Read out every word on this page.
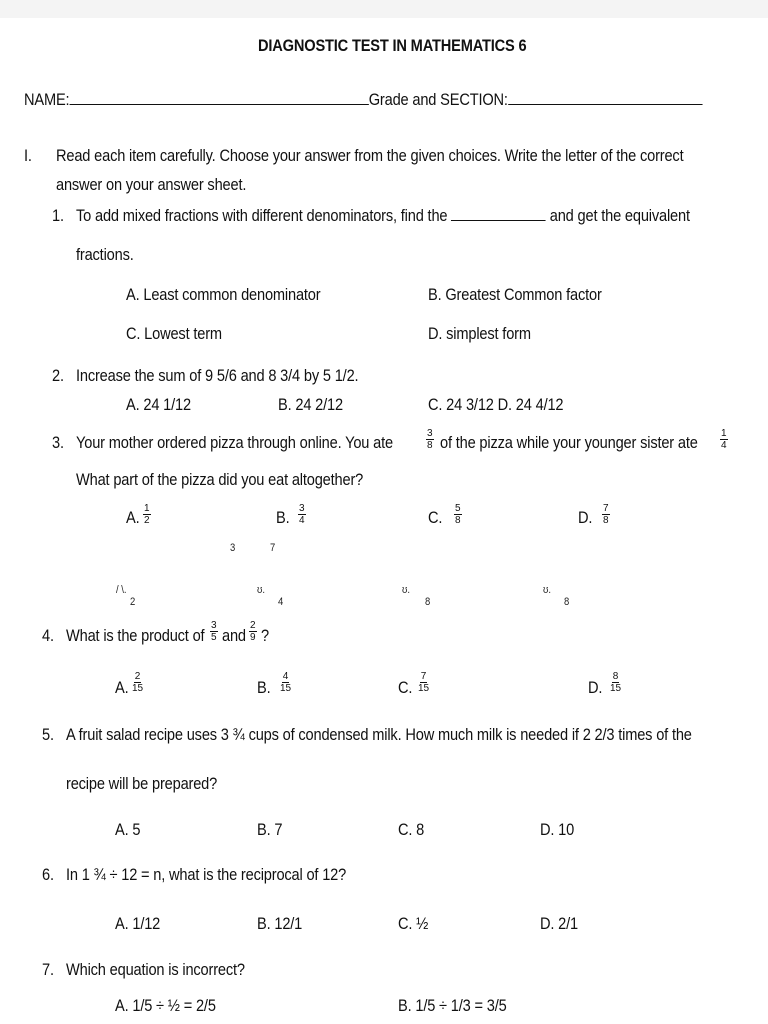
DIAGNOSTIC TEST IN MATHEMATICS 6
NAME:	Grade and SECTION:
I. Read each item carefully. Choose your answer from the given choices. Write the letter of the correct
answer on your answer sheet.
1. To add mixed fractions with different denominators, find the	and get the equivalent
fractions.
A. Least common denominator	B. Greatest Common factor
C. Lowest term	D. simplest form
2. Increase the sum of 9 5/6 and 8 3/4 by 5 1/2.
A. 24 1/12	B. 24 2/12	C. 24 3/12 D. 24 4/12
3. Your mother ordered pizza through online. You ate	$\frac{3}{8}$ of the pizza while your younger sister ate $\frac{1}{4}$
What part of the pizza did you eat altogether?
A. $\frac{1}{2}$	B. $\frac{3}{4}$	C. $\frac{5}{8}$	D. $\frac{7}{8}$
3	7
/ \.	ʊ.	ʊ.	ʊ.
2	4	8	8
4. What is the product of $\frac{3}{5}$ and $\frac{2}{9}$ ?
A. $\frac{2}{15}$	B. $\frac{4}{15}$	C. $\frac{7}{15}$	D. $\frac{8}{15}$
5. A fruit salad recipe uses 3 ¾ cups of condensed milk. How much milk is needed if 2 2/3 times of the
recipe will be prepared?
A. 5	B. 7	C. 8	D. 10
6. In 1 ¾ ÷ 12 = n, what is the reciprocal of 12?
A. 1/12	B. 12/1	C. ½	D. 2/1
7. Which equation is incorrect?
A. 1/5 ÷ ½ = 2/5	B. 1/5 ÷ 1/3 = 3/5
